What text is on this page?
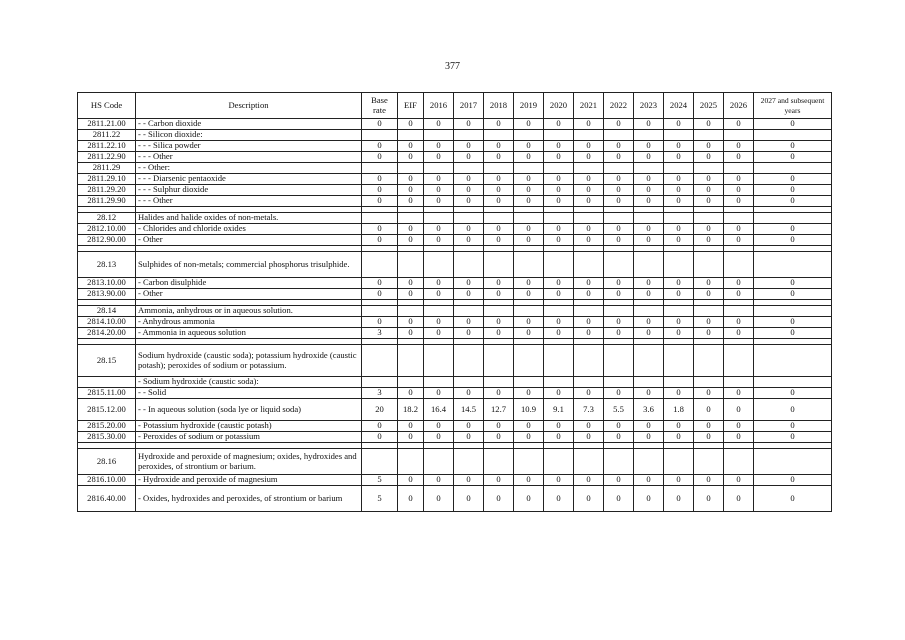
377
HS Code	Description	Base rate	EIF	2016	2017	2018	2019	2020	2021	2022	2023	2024	2025	2026	2027 and subsequent years
2811.21.00	- - Carbon dioxide	0	0	0	0	0	0	0	0	0	0	0	0	0	0
2811.22	- - Silicon dioxide:														
2811.22.10	- - - Silica powder	0	0	0	0	0	0	0	0	0	0	0	0	0	0
2811.22.90	- - - Other	0	0	0	0	0	0	0	0	0	0	0	0	0	0
2811.29	- - Other:														
2811.29.10	- - - Diarsenic pentaoxide	0	0	0	0	0	0	0	0	0	0	0	0	0	0
2811.29.20	- - - Sulphur dioxide	0	0	0	0	0	0	0	0	0	0	0	0	0	0
2811.29.90	- - - Other	0	0	0	0	0	0	0	0	0	0	0	0	0	0

28.12	Halides and halide oxides of non-metals.														
2812.10.00	- Chlorides and chloride oxides	0	0	0	0	0	0	0	0	0	0	0	0	0	0
2812.90.00	- Other	0	0	0	0	0	0	0	0	0	0	0	0	0	0

28.13	Sulphides of non-metals; commercial phosphorus trisulphide.														
2813.10.00	- Carbon disulphide	0	0	0	0	0	0	0	0	0	0	0	0	0	0
2813.90.00	- Other	0	0	0	0	0	0	0	0	0	0	0	0	0	0

28.14	Ammonia, anhydrous or in aqueous solution.														
2814.10.00	- Anhydrous ammonia	0	0	0	0	0	0	0	0	0	0	0	0	0	0
2814.20.00	- Ammonia in aqueous solution	3	0	0	0	0	0	0	0	0	0	0	0	0	0

28.15	Sodium hydroxide (caustic soda); potassium hydroxide (caustic potash); peroxides of sodium or potassium.														
	- Sodium hydroxide (caustic soda):														
2815.11.00	- - Solid	3	0	0	0	0	0	0	0	0	0	0	0	0	0
2815.12.00	- - In aqueous solution (soda lye or liquid soda)	20	18.2	16.4	14.5	12.7	10.9	9.1	7.3	5.5	3.6	1.8	0	0	0
2815.20.00	- Potassium hydroxide (caustic potash)	0	0	0	0	0	0	0	0	0	0	0	0	0	0
2815.30.00	- Peroxides of sodium or potassium	0	0	0	0	0	0	0	0	0	0	0	0	0	0

28.16	Hydroxide and peroxide of magnesium; oxides, hydroxides and peroxides, of strontium or barium.														
2816.10.00	- Hydroxide and peroxide of magnesium	5	0	0	0	0	0	0	0	0	0	0	0	0	0
2816.40.00	- Oxides, hydroxides and peroxides, of strontium or barium	5	0	0	0	0	0	0	0	0	0	0	0	0	0
